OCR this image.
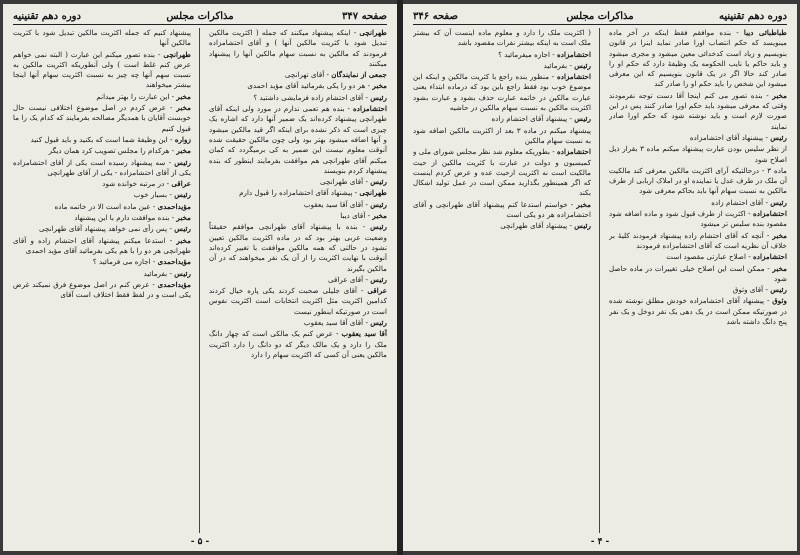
صفحه ۳۴۷
مذاکرات مجلس
دوره دهم تقنینیه

طهرانچی - اینکه پیشنهاد میکنند که جمله ( اکثریت مالکین تبدیل شود با کثریت مالکین آنها ) و آقای احتشامزاده فرمودند که مالکین به نسبت سهام مالکین آنها را پیشنهاد میکنند

جمعی از نمایندگان - آقای تهرانچی

مخبر - هر دو را یکی بفرمائید آقای مؤید احمدی

رئیس - آقای احتشام زاده فرمایشی داشتید ؟

احتشامزاده - بنده هم تعمی ندارم در مورد ولی اینکه آقای طهرانچی پیشنهاد کرده‌اند یک ضمیر آنها دارد که اشاره یک چیزی است که ذکر نشده برای اینکه اگر قید مالکین میشود و آنها اضافه میشود بهتر بود ولی چون مالکین حقیقت شده آنوقت معلوم نیست این ضمیر به کی برمیگردد که کمان میکنم آقای طهرانچی هم موافقت بفرمایند اینطور که بنده پیشنهاد کردم بنویسند

رئیس - آقای طهرانچی

طهرانچی - پیشنهاد آقای احتشامزاده را قبول دارم

رئیس - آقای آقا سید یعقوب

مخبر - آقای دیبا

رئیس - بنده با پیشنهاد آقای طهرانچی موافقم حقیقتاً وضعیت عربی بهتر بود که در ماده اکثریت مالکین تعیین نشود در حالتی که همه مالکین موافقت با تغییر کرده‌اند آنوقت با نهایت اکثریت را از آن یک نفر میخواهند که در آن مالکین بگیرند

رئیس - آقای عراقی

عراقی - آقای جلیلی صحبت کردند یکی پاره خیال کردند کدامین اکثریت مثل اکثریت انتخابات است اکثریت نفوس است در صورتیکه اینطور نیست

رئیس - آقای آقا سید یعقوب

آقا سید یعقوب - عرض کنم یک مالکی است که چهار دانگ ملک را دارد و یک مالک دیگر که دو دانگ را دارد اکثریت مالکین یعنی آن کسی که اکثریت سهام را دارد

پیشنهاد کنیم که جمله اکثریت مالکین تبدیل شود با کثریت مالکین آنها

طهرانچی - بنده تصور میکنم این عبارت ( البته نمی خواهم عرض کنم غلط است ) ولی آنطوریکه اکثریت مالکین به نسبت سهم آنها چه چیز به نسبت اکثریت سهام آنها اینجا بیشتر میخواهند

مخبر - این عبارت را بهتر میدانم

مخبر - عرض کردم در اصل موضوع اختلافی نیست حال خوبست آقایان با همدیگر مصالحه بفرمایند که کدام یک را ما قبول کنیم

زواره - این وظیفهٔ شما است که بکنید و باید قبول کنید

مخبر - هرکدام را مجلس تصویب کرد همان دیگر

رئیس - سه پیشنهاد رسیده است یکی از آقای احتشامزاده یکی از آقای احتشامزاده - یکی از آقای طهرانچی

عراقی - در مرتبه خوانده شود

رئیس - بسیار خوب

مؤیداحمدی - عین ماده است الا در خاتمه ماده

مخبر - بنده موافقت دارم با این پیشنهاد

رئیس - پس رأی نمی خواهد پیشنهاد آقای طهرانچی

مخبر - استدعا میکنم پیشنهاد آقای احتشام زاده و آقای طهرانچی هر دو را با هم یکی بفرمائید آقای مؤید احمدی

مؤیداحمدی - اجازه می فرمائید ؟

رئیس - بفرمائید

مؤیداحمدی - عرض کنم در اصل موضوع فرق نمیکند غرض یکی است و در لفظ فقط اختلاف است آقای

- ۵ -
دوره دهم تقنینیه
مذاکرات مجلس
صفحه ۳۴۶

طباطبائی دیبا - بنده موافقم فقط اینکه در آخر ماده مینویسد که حکم انتصاب اورا صادر نماید اینرا در قانون بنویسیم و زیاد است کدخدائی معین میشود و مجری میشود و باید حاکم یا نایب الحکومه یک وظیفهٔ دارد که حکم او را صادر کند حالا اگر در یک قانون بنویسیم که این معرفی میشود این شخص را باید حکم او را صادر کند

مخبر - بنده تصور می کنم اینجا آقا دست توجه نفرمودند وقتی که معرفی میشود باید حکم اورا صادر کنند پس در این صورت لازم است و باید نوشته شود که حکم اورا صادر نمایند

رئیس - پیشنهاد آقای احتشامزاده

از نظر سلیس بودن عبارت پیشنهاد میکنم ماده ۳ بقرار ذیل اصلاح شود

ماده ۳ - درحالتیکه آرای اکثریت مالکین معرفی کند مالکیت آن ملک در طرف عدل یا نماینده او در املاک اربابی از طرف مالکین به نسبت سهام آنها باید بحاکم معرفی شود

رئیس - آقای احتشام زاده

احتشامزاده - اکثریت از طرف قبول شود و ماده اضافه شود مقصود بنده سلیس تر میشود

مخبر - آنچه که آقای احتشام زاده پیشنهاد فرمودند کلیهٔ بر خلاف آن نظریه است که آقای احتشامزاده فرمودند

احتشامزاده - اصلاح عبارتی مقصود است

مخبر - ممکن است این اصلاح خیلی تغییرات در ماده حاصل شود

رئیس - آقای وثوق

وثوق - پیشنهاد آقای احتشامزاده خودش مطلق نوشته شده در صورتیکه ممکن است در یک دهی یک نفر دوخل و یک نفر پنج دانگ داشته باشد

( اکثریت ملک را دارد و معلوم ماده اینست آن که بیشتر ملک است به اینکه بیشتر نفرات مقصود باشد

احتشامزاده - اجازه میفرمائید ؟

رئیس - بفرمائید

احتشامزاده - منظور بنده راجع با کثریت مالکین و اینکه این موضوع خوب بود فقط راجع باین بود که درماده ابتداء یعنی عبارت مالکین در خاتمه عبارت حذف بشود و عبارت بشود اکثریت مالکین به نسبت سهام مالکین در حاشیه

رئیس - پیشنهاد آقای احتشام زاده

پیشنهاد میکنم در ماده ۳ بعد از اکثریت مالکین اضافه شود به نسبت سهام مالکین

احتشامزاده - بطوریکه معلوم شد نظر مجلس شورای ملی و کمیسیون و دولت در عبارت با کثریت مالکین از حیث مالکیت است نه اکثریت ازحیث عده و عرض کردم اینست که اگر همینطور بگذارید ممکن است در عمل تولید اشکال بکند

مخبر - خواستم استدعا کنم پیشنهاد آقای طهرانچی و آقای احتشامزاده هر دو یکی است

رئیس - پیشنهاد آقای طهرانچی

- ۴ -
